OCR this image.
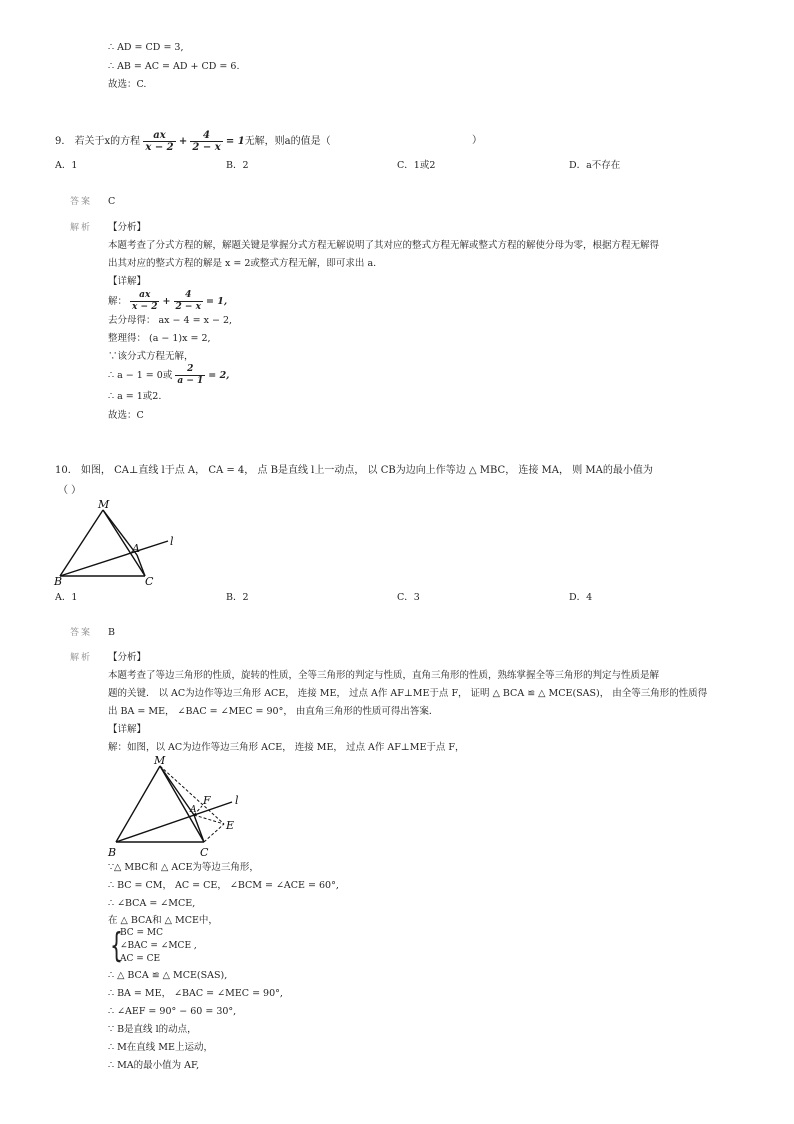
∴ AD = CD = 3,
∴ AB = AC = AD + CD = 6.
故选：C.
9． 若关于x的方程 $\frac{ax}{x - 2} + \frac{4}{2 - x} = 1$无解，则a的值是（	）
A．1	B．2	C．1或2	D．a不存在
答案 C
解析 【分析】
本题考查了分式方程的解，解题关键是掌握分式方程无解说明了其对应的整式方程无解或整式方程的解使分母为零，根据方程无解得
出其对应的整式方程的解是 x = 2或整式方程无解，即可求出 a.
【详解】
解： $\frac{ax}{x - 2} + \frac{4}{2 - x} = 1$,
去分母得： ax − 4 = x − 2,
整理得： (a − 1)x = 2,
∵该分式方程无解，
∴ a − 1 = 0或 $\frac{2}{a - 1} = 2$,
∴ a = 1或2.
故选：C
10． 如图， CA⊥直线 l于点 A， CA = 4， 点 B是直线 l上一动点， 以 CB为边向上作等边 △ MBC， 连接 MA， 则 MA的最小值为
（ ）
M
A
l
B	C
A．1	B．2	C．3	D．4
答案 B
解析 【分析】
本题考查了等边三角形的性质，旋转的性质，全等三角形的判定与性质，直角三角形的性质，熟练掌握全等三角形的判定与性质是解
题的关键． 以 AC为边作等边三角形 ACE， 连接 ME， 过点 A作 AF⊥ME于点 F， 证明 △ BCA ≌ △ MCE(SAS)， 由全等三角形的性质得
出 BA = ME， ∠BAC = ∠MEC = 90°， 由直角三角形的性质可得出答案．
【详解】
解：如图，以 AC为边作等边三角形 ACE， 连接 ME， 过点 A作 AF⊥ME于点 F，
M
F l
A
E
B	C
∵△ MBC和 △ ACE为等边三角形，
∴ BC = CM， AC = CE， ∠BCM = ∠ACE = 60°,
∴ ∠BCA = ∠MCE,
在 △ BCA和 △ MCE中，
{
BC = MC
∠BAC = ∠MCE ,
AC = CE
∴ △ BCA ≌ △ MCE(SAS),
∴ BA = ME， ∠BAC = ∠MEC = 90°,
∴ ∠AEF = 90° − 60 = 30°,
∵ B是直线 l的动点，
∴ M在直线 ME上运动，
∴ MA的最小值为 AF,
